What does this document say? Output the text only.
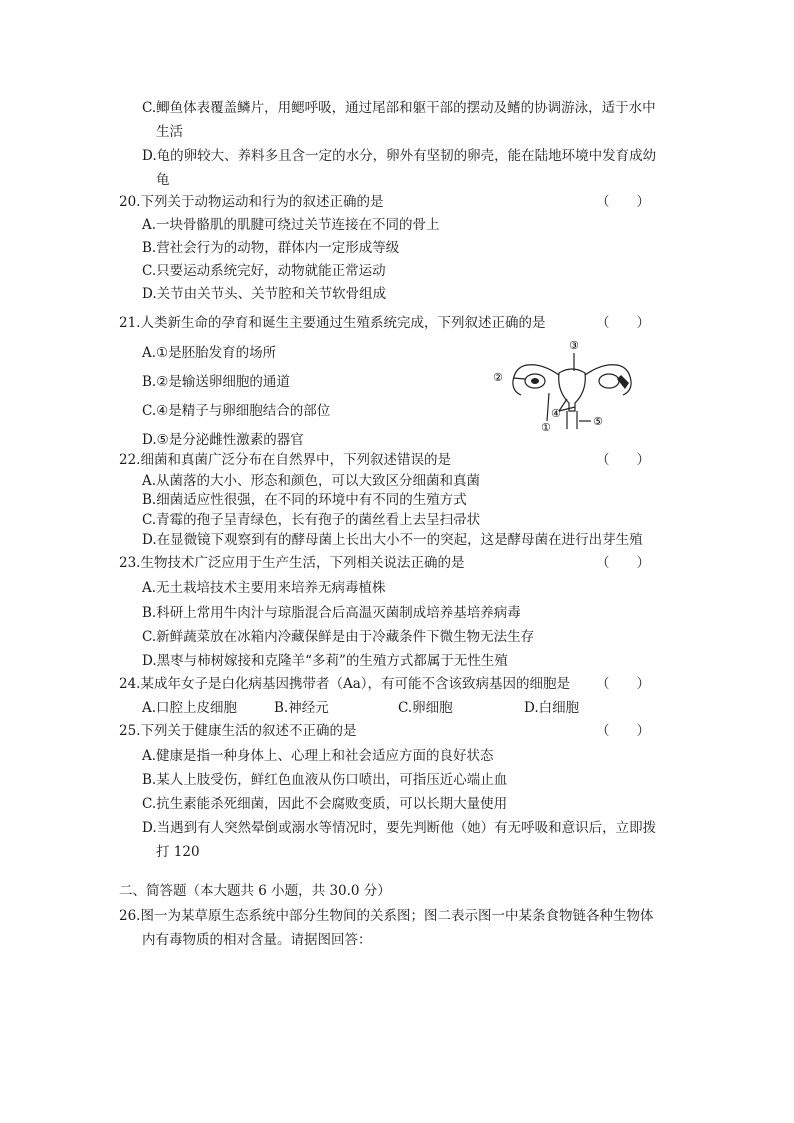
C.鲫鱼体表覆盖鳞片，用鳃呼吸，通过尾部和躯干部的摆动及鳍的协调游泳，适于水中
生活
D.龟的卵较大、养料多且含一定的水分，卵外有坚韧的卵壳，能在陆地环境中发育成幼
龟
20.下列关于动物运动和行为的叙述正确的是	（　　）
A.一块骨骼肌的肌腱可绕过关节连接在不同的骨上
B.营社会行为的动物，群体内一定形成等级
C.只要运动系统完好，动物就能正常运动
D.关节由关节头、关节腔和关节软骨组成
21.人类新生命的孕育和诞生主要通过生殖系统完成，下列叙述正确的是	（　　）
A.①是胚胎发育的场所
B.②是输送卵细胞的通道
C.④是精子与卵细胞结合的部位
D.⑤是分泌雌性激素的器官
③
②
①
④
⑤
22.细菌和真菌广泛分布在自然界中，下列叙述错误的是	（　　）
A.从菌落的大小、形态和颜色，可以大致区分细菌和真菌
B.细菌适应性很强，在不同的环境中有不同的生殖方式
C.青霉的孢子呈青绿色，长有孢子的菌丝看上去呈扫帚状
D.在显微镜下观察到有的酵母菌上长出大小不一的突起，这是酵母菌在进行出芽生殖
23.生物技术广泛应用于生产生活，下列相关说法正确的是	（　　）
A.无土栽培技术主要用来培养无病毒植株
B.科研上常用牛肉汁与琼脂混合后高温灭菌制成培养基培养病毒
C.新鲜蔬菜放在冰箱内冷藏保鲜是由于冷藏条件下微生物无法生存
D.黑枣与柿树嫁接和克隆羊“多莉”的生殖方式都属于无性生殖
24.某成年女子是白化病基因携带者（Aa），有可能不含该致病基因的细胞是 （　　）
A.口腔上皮细胞	B.神经元	C.卵细胞	D.白细胞
25.下列关于健康生活的叙述不正确的是	（　　）
A.健康是指一种身体上、心理上和社会适应方面的良好状态
B.某人上肢受伤，鲜红色血液从伤口喷出，可指压近心端止血
C.抗生素能杀死细菌，因此不会腐败变质，可以长期大量使用
D.当遇到有人突然晕倒或溺水等情况时，要先判断他（她）有无呼吸和意识后，立即拨
打 120
二、简答题（本大题共 6 小题，共 30.0 分）
26.图一为某草原生态系统中部分生物间的关系图；图二表示图一中某条食物链各种生物体
内有毒物质的相对含量。请据图回答：
